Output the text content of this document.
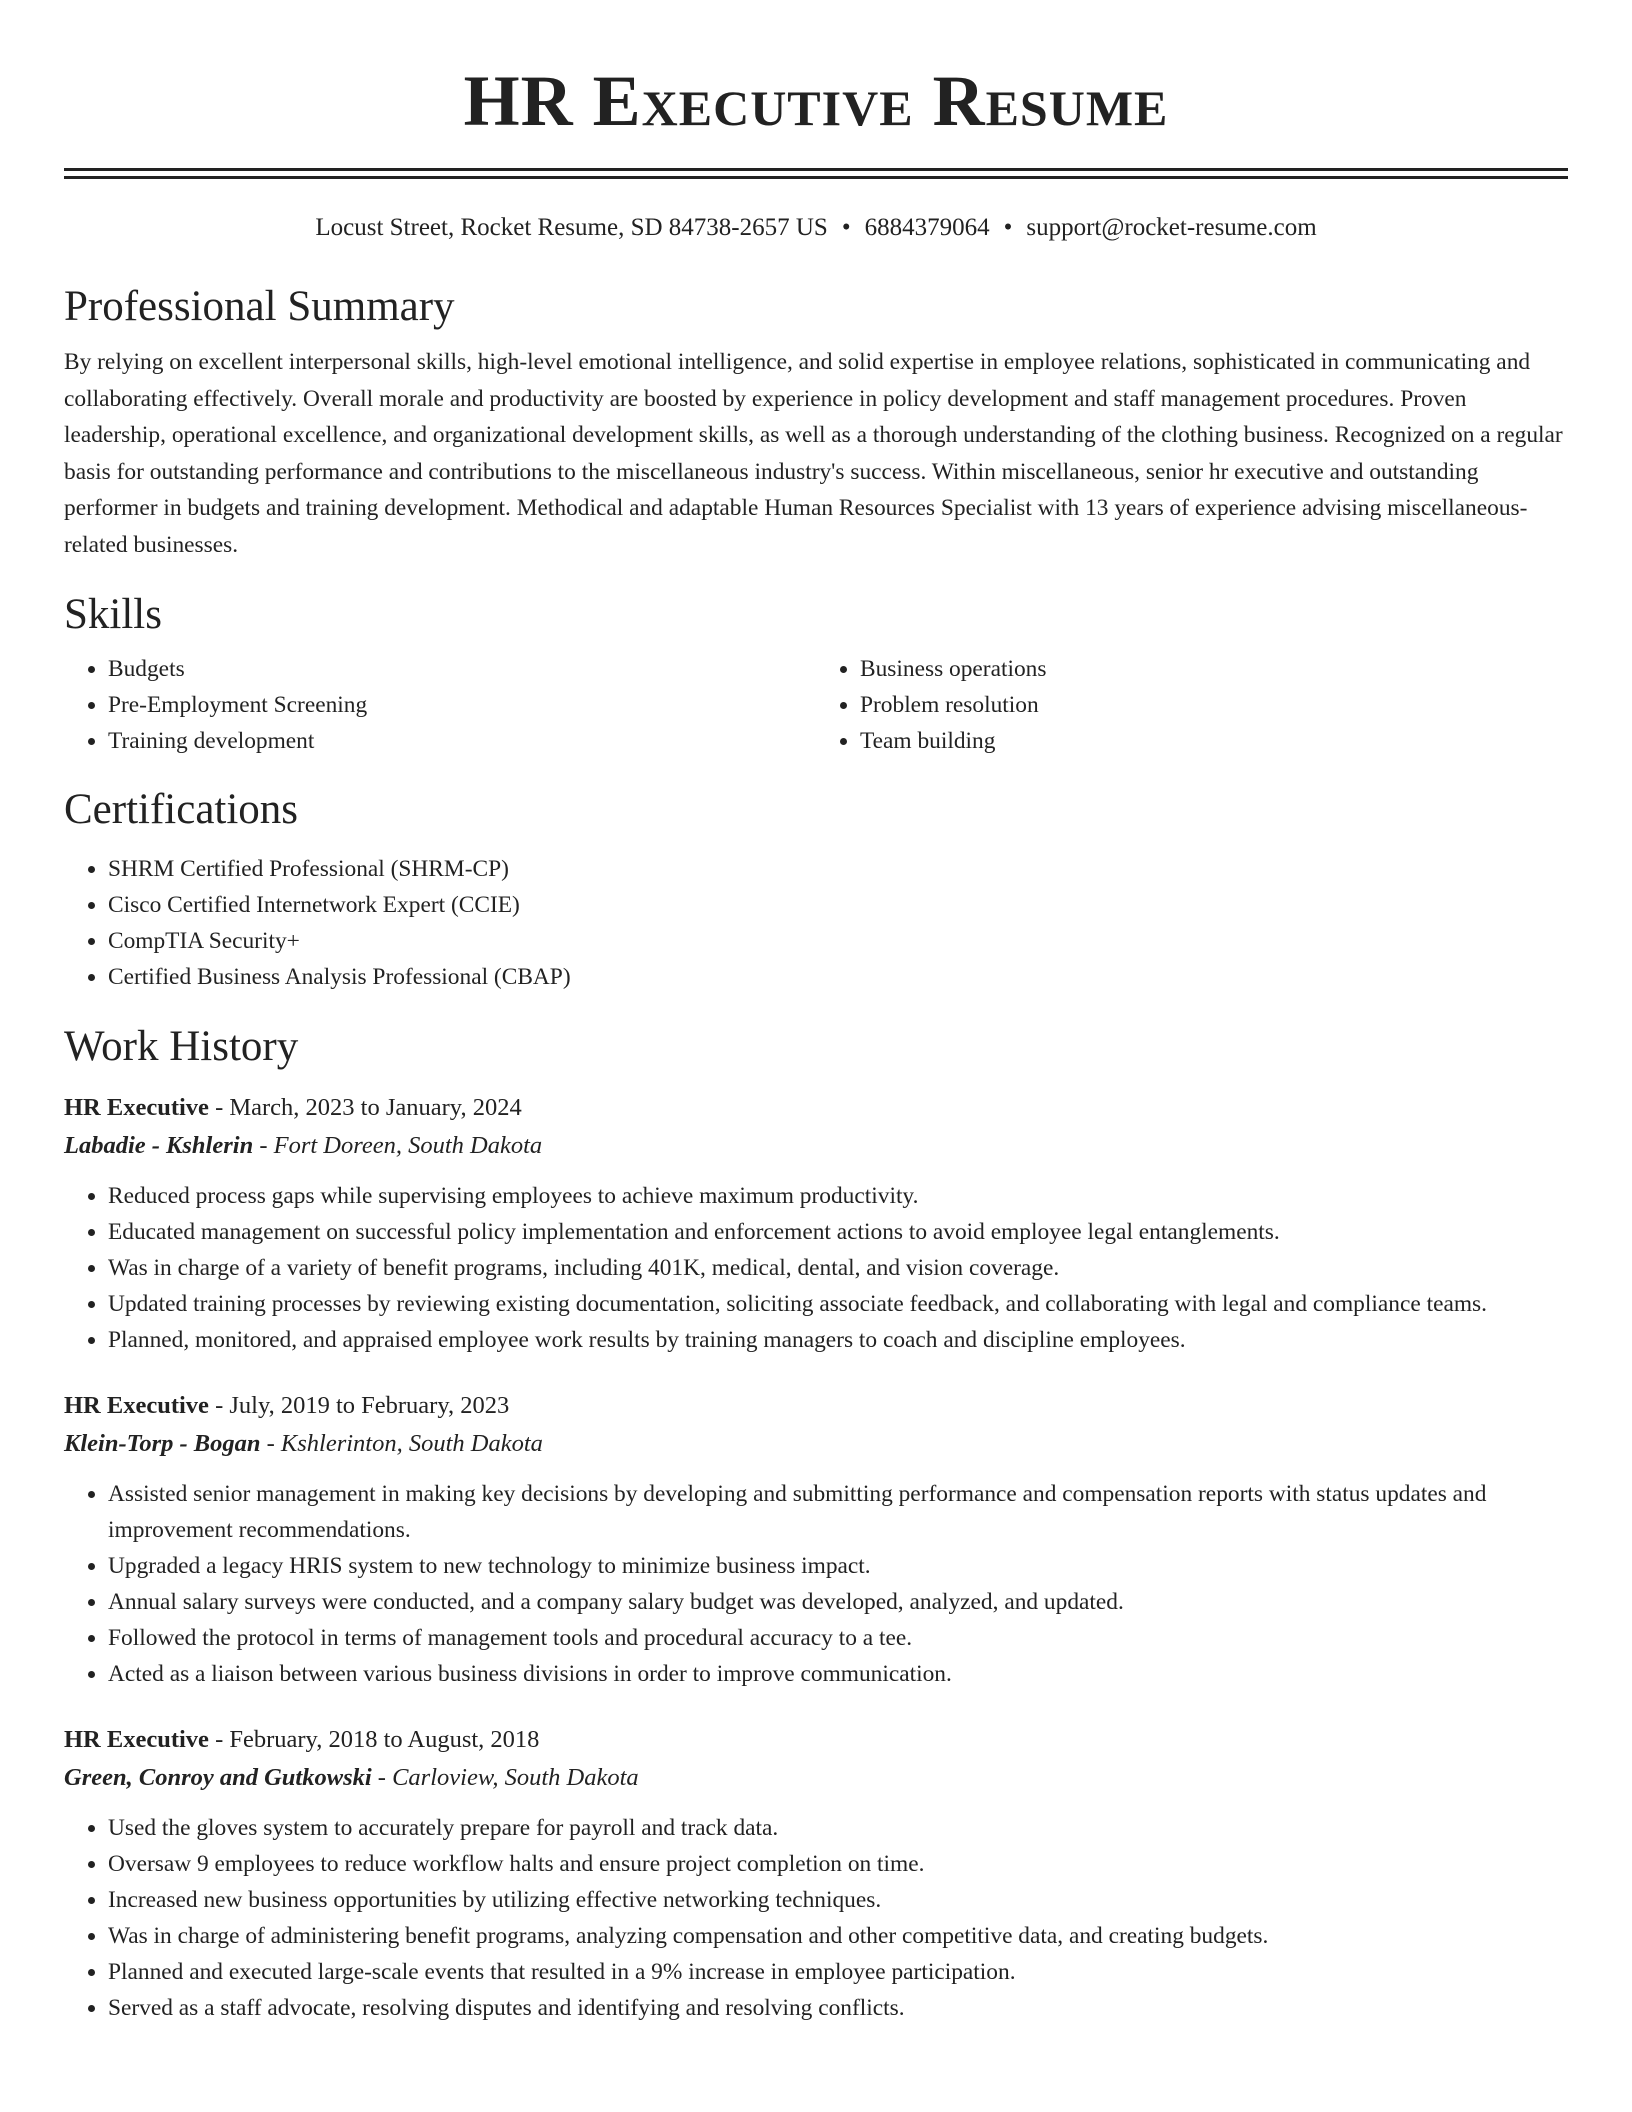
HR Executive Resume
Locust Street, Rocket Resume, SD 84738-2657 US • 6884379064 • support@rocket-resume.com
Professional Summary
By relying on excellent interpersonal skills, high-level emotional intelligence, and solid expertise in employee relations, sophisticated in communicating and collaborating effectively. Overall morale and productivity are boosted by experience in policy development and staff management procedures. Proven leadership, operational excellence, and organizational development skills, as well as a thorough understanding of the clothing business. Recognized on a regular basis for outstanding performance and contributions to the miscellaneous industry's success. Within miscellaneous, senior hr executive and outstanding performer in budgets and training development. Methodical and adaptable Human Resources Specialist with 13 years of experience advising miscellaneous-related businesses.
Skills
• Budgets
• Pre-Employment Screening
• Training development
• Business operations
• Problem resolution
• Team building
Certifications
• SHRM Certified Professional (SHRM-CP)
• Cisco Certified Internetwork Expert (CCIE)
• CompTIA Security+
• Certified Business Analysis Professional (CBAP)
Work History
HR Executive - March, 2023 to January, 2024
Labadie - Kshlerin - Fort Doreen, South Dakota
• Reduced process gaps while supervising employees to achieve maximum productivity.
• Educated management on successful policy implementation and enforcement actions to avoid employee legal entanglements.
• Was in charge of a variety of benefit programs, including 401K, medical, dental, and vision coverage.
• Updated training processes by reviewing existing documentation, soliciting associate feedback, and collaborating with legal and compliance teams.
• Planned, monitored, and appraised employee work results by training managers to coach and discipline employees.
HR Executive - July, 2019 to February, 2023
Klein-Torp - Bogan - Kshlerinton, South Dakota
• Assisted senior management in making key decisions by developing and submitting performance and compensation reports with status updates and improvement recommendations.
• Upgraded a legacy HRIS system to new technology to minimize business impact.
• Annual salary surveys were conducted, and a company salary budget was developed, analyzed, and updated.
• Followed the protocol in terms of management tools and procedural accuracy to a tee.
• Acted as a liaison between various business divisions in order to improve communication.
HR Executive - February, 2018 to August, 2018
Green, Conroy and Gutkowski - Carloview, South Dakota
• Used the gloves system to accurately prepare for payroll and track data.
• Oversaw 9 employees to reduce workflow halts and ensure project completion on time.
• Increased new business opportunities by utilizing effective networking techniques.
• Was in charge of administering benefit programs, analyzing compensation and other competitive data, and creating budgets.
• Planned and executed large-scale events that resulted in a 9% increase in employee participation.
• Served as a staff advocate, resolving disputes and identifying and resolving conflicts.
